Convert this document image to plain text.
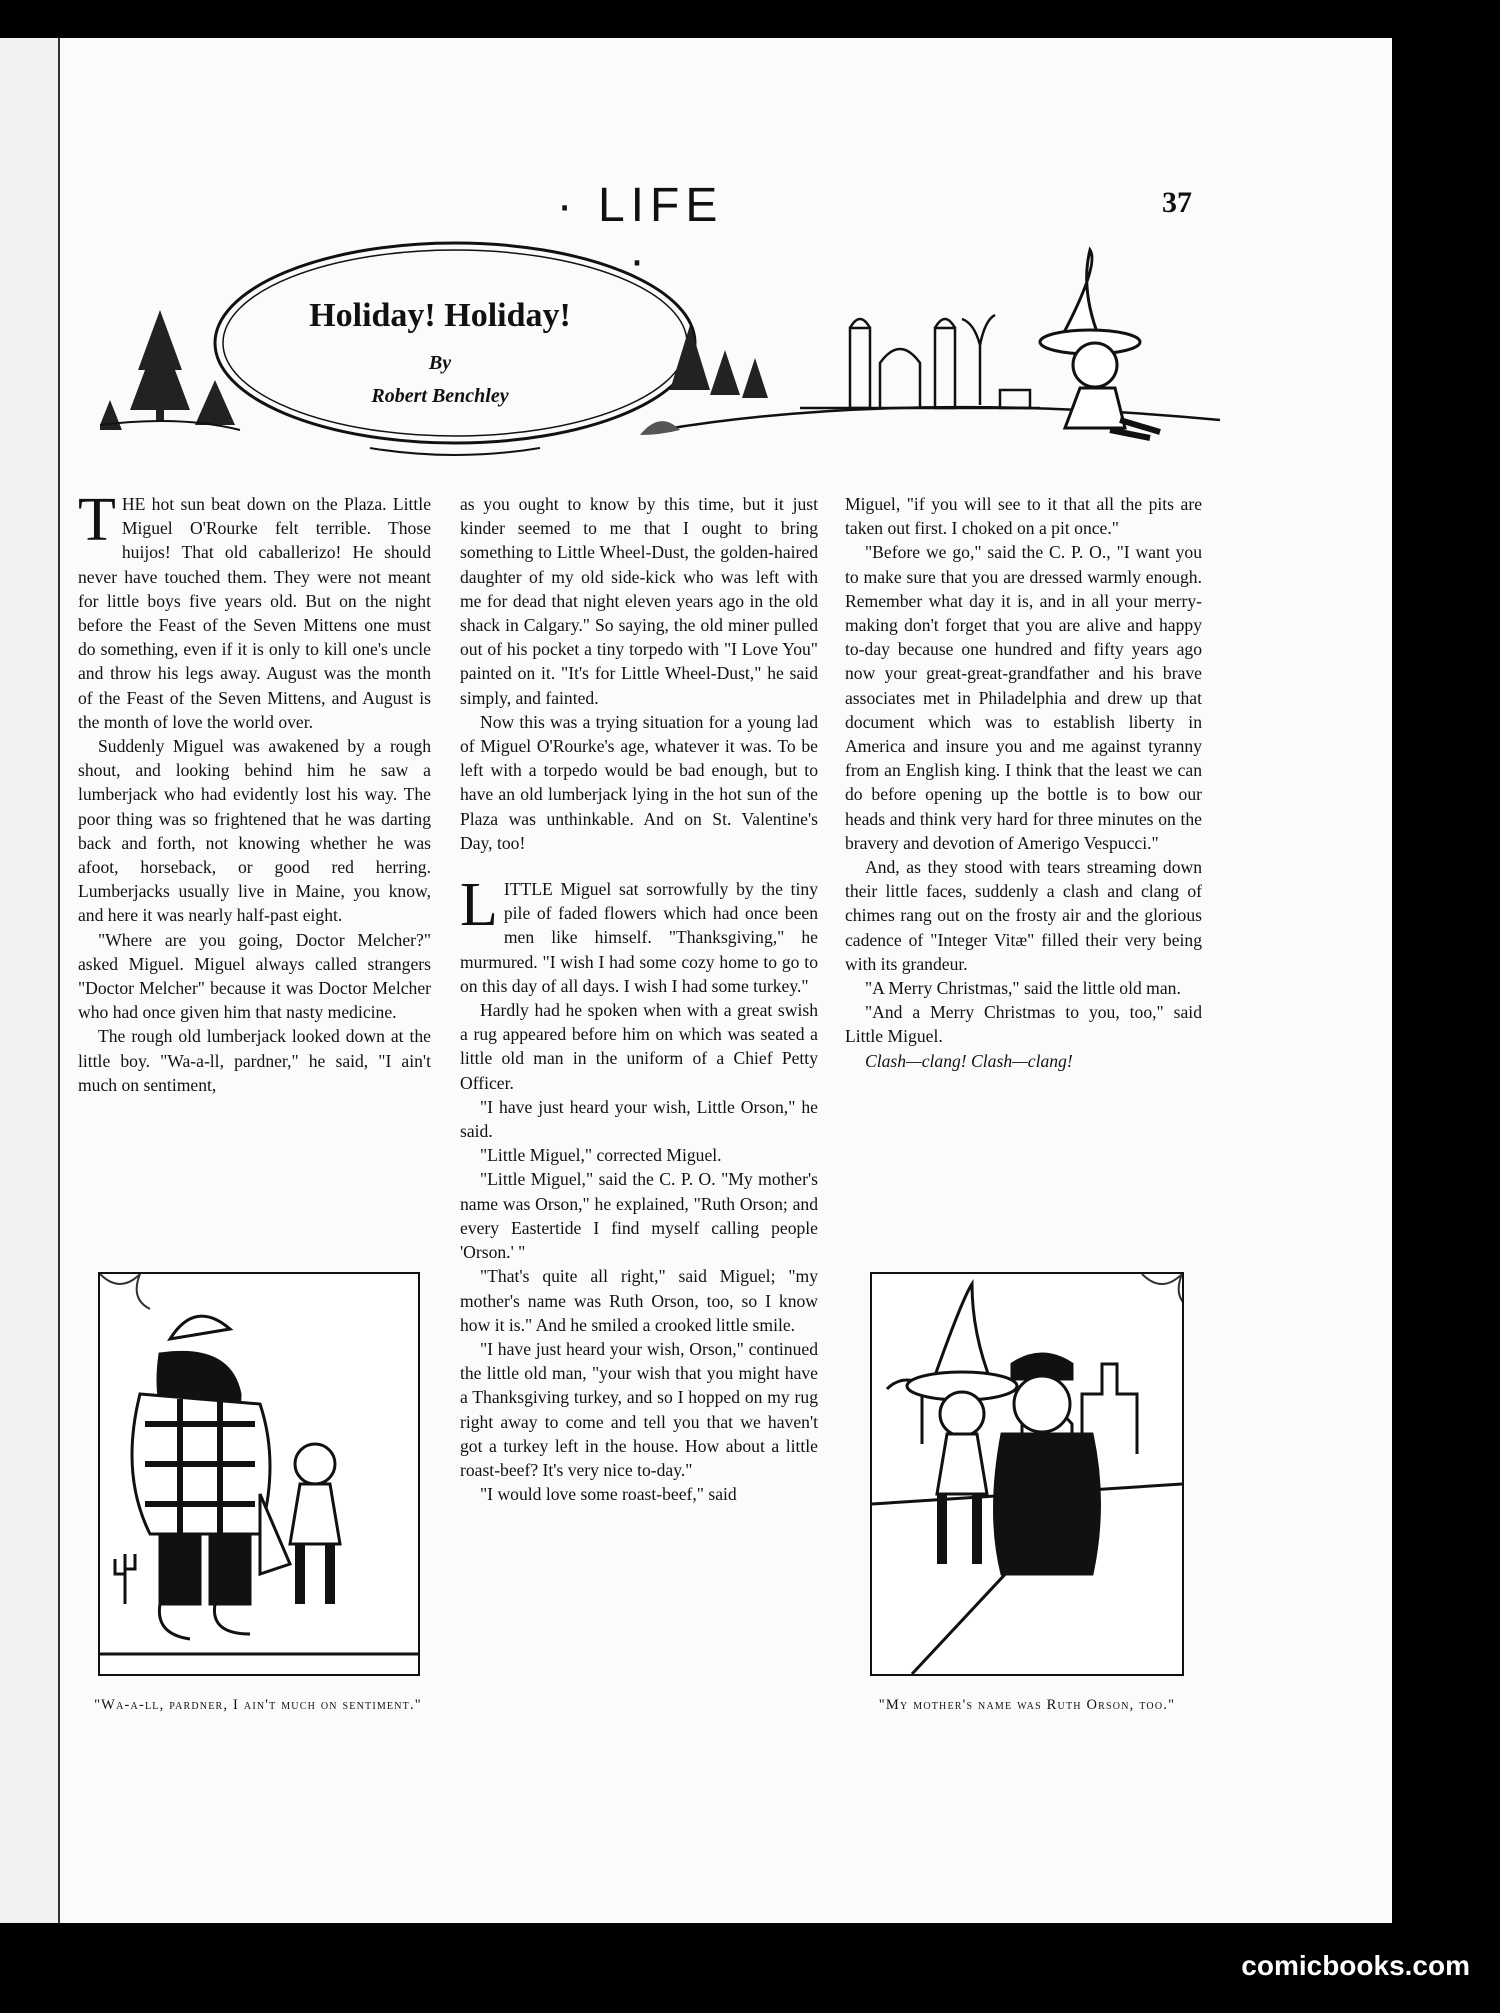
· LIFE ·
37
Holiday! Holiday!
By
Robert Benchley

THE hot sun beat down on the Plaza. Little Miguel O'Rourke felt terrible. Those huijos! That old caballerizo! He should never have touched them. They were not meant for little boys five years old. But on the night before the Feast of the Seven Mittens one must do something, even if it is only to kill one's uncle and throw his legs away. August was the month of the Feast of the Seven Mittens, and August is the month of love the world over.

Suddenly Miguel was awakened by a rough shout, and looking behind him he saw a lumberjack who had evidently lost his way. The poor thing was so frightened that he was darting back and forth, not knowing whether he was afoot, horseback, or good red herring. Lumberjacks usually live in Maine, you know, and here it was nearly half-past eight.

"Where are you going, Doctor Melcher?" asked Miguel. Miguel always called strangers "Doctor Melcher" because it was Doctor Melcher who had once given him that nasty medicine.

The rough old lumberjack looked down at the little boy. "Wa-a-ll, pardner," he said, "I ain't much on sentiment,

as you ought to know by this time, but it just kinder seemed to me that I ought to bring something to Little Wheel-Dust, the golden-haired daughter of my old side-kick who was left with me for dead that night eleven years ago in the old shack in Calgary." So saying, the old miner pulled out of his pocket a tiny torpedo with "I Love You" painted on it. "It's for Little Wheel-Dust," he said simply, and fainted.

Now this was a trying situation for a young lad of Miguel O'Rourke's age, whatever it was. To be left with a torpedo would be bad enough, but to have an old lumberjack lying in the hot sun of the Plaza was unthinkable. And on St. Valentine's Day, too!

LITTLE Miguel sat sorrowfully by the tiny pile of faded flowers which had once been men like himself. "Thanksgiving," he murmured. "I wish I had some cozy home to go to on this day of all days. I wish I had some turkey."

Hardly had he spoken when with a great swish a rug appeared before him on which was seated a little old man in the uniform of a Chief Petty Officer.

"I have just heard your wish, Little Orson," he said.

"Little Miguel," corrected Miguel.

"Little Miguel," said the C. P. O. "My mother's name was Orson," he explained, "Ruth Orson; and every Eastertide I find myself calling people 'Orson.' "

"That's quite all right," said Miguel; "my mother's name was Ruth Orson, too, so I know how it is." And he smiled a crooked little smile.

"I have just heard your wish, Orson," continued the little old man, "your wish that you might have a Thanksgiving turkey, and so I hopped on my rug right away to come and tell you that we haven't got a turkey left in the house. How about a little roast-beef? It's very nice to-day."

"I would love some roast-beef," said

Miguel, "if you will see to it that all the pits are taken out first. I choked on a pit once."

"Before we go," said the C. P. O., "I want you to make sure that you are dressed warmly enough. Remember what day it is, and in all your merry-making don't forget that you are alive and happy to-day because one hundred and fifty years ago now your great-great-grandfather and his brave associates met in Philadelphia and drew up that document which was to establish liberty in America and insure you and me against tyranny from an English king. I think that the least we can do before opening up the bottle is to bow our heads and think very hard for three minutes on the bravery and devotion of Amerigo Vespucci."

And, as they stood with tears streaming down their little faces, suddenly a clash and clang of chimes rang out on the frosty air and the glorious cadence of "Integer Vitæ" filled their very being with its grandeur.

"A Merry Christmas," said the little old man.

"And a Merry Christmas to you, too," said Little Miguel.

Clash—clang! Clash—clang!

"Wa-a-ll, pardner, I ain't much on sentiment."	"My mother's name was Ruth Orson, too."
comicbooks.com
